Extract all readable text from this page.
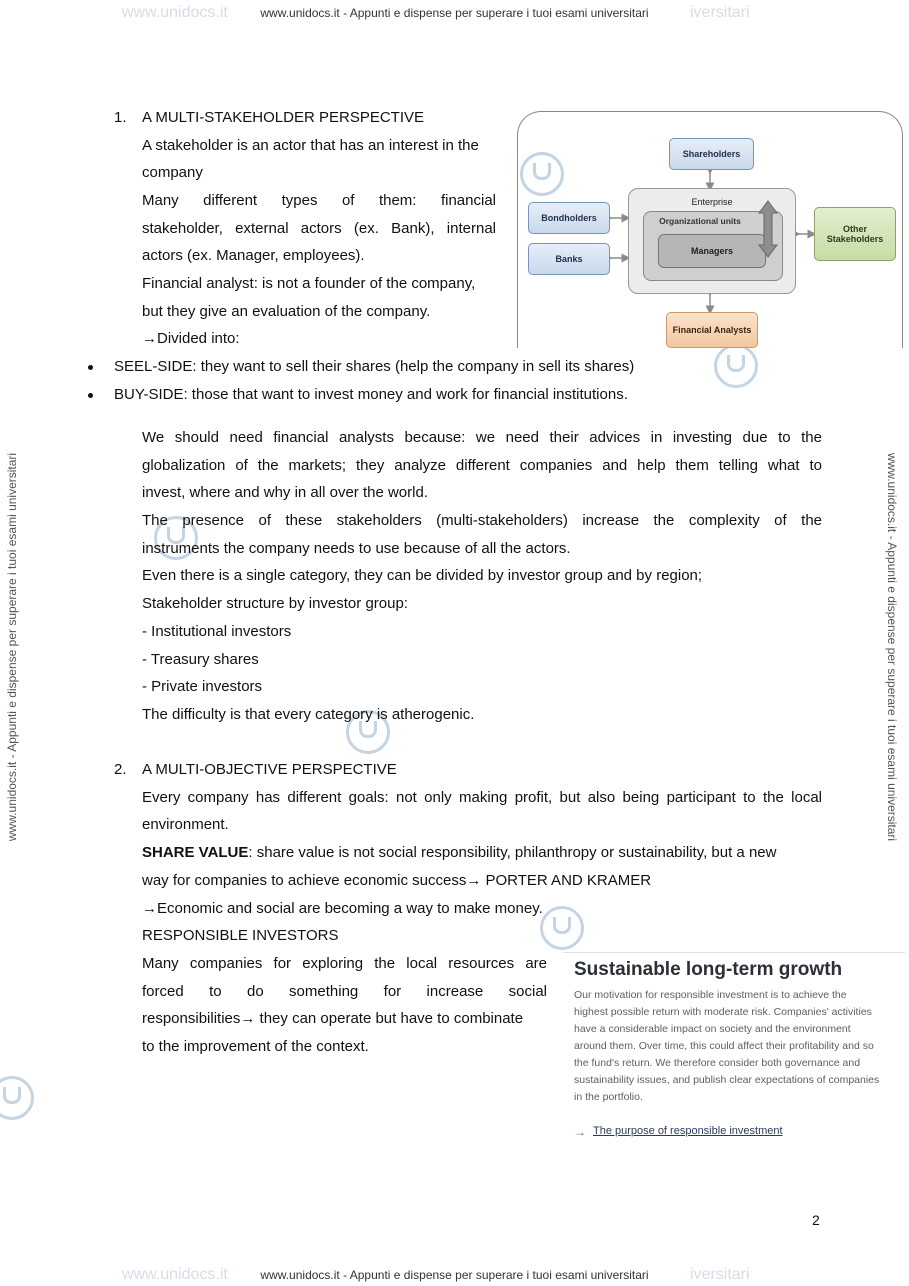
www.unidocs.it	iversitari
www.unidocs.it - Appunti e dispense per superare i tuoi esami universitari
www.unidocs.it - Appunti e dispense per superare i tuoi esami universitari	www.unidocs.it - Appunti e dispense per superare i tuoi esami universitari
1. A MULTI-STAKEHOLDER PERSPECTIVE
A stakeholder is an actor that has an interest in the
company
Many different types of them: financial
stakeholder, external actors (ex. Bank), internal
actors (ex. Manager, employees).
Financial analyst: is not a founder of the company,
but they give an evaluation of the company.
→Divided into:
Shareholders
Enterprise
Organizational units
Managers
Bondholders
Banks
Other Stakeholders
Financial Analysts
SEEL-SIDE: they want to sell their shares (help the company in sell its shares)
BUY-SIDE: those that want to invest money and work for financial institutions.
We should need financial analysts because: we need their advices in investing due to the
globalization of the markets; they analyze different companies and help them telling what to
invest, where and why in all over the world.
The presence of these stakeholders (multi-stakeholders) increase the complexity of the
instruments the company needs to use because of all the actors.
Even there is a single category, they can be divided by investor group and by region;
Stakeholder structure by investor group:
- Institutional investors
- Treasury shares
- Private investors
The difficulty is that every category is atherogenic.
2. A MULTI-OBJECTIVE PERSPECTIVE
Every company has different goals: not only making profit, but also being participant to the local
environment.
SHARE VALUE: share value is not social responsibility, philanthropy or sustainability, but a new
way for companies to achieve economic success→ PORTER AND KRAMER
→Economic and social are becoming a way to make money.
RESPONSIBLE INVESTORS
Many companies for exploring the local resources are
forced to do something for increase social
responsibilities→ they can operate but have to combinate
to the improvement of the context.
Sustainable long-term growth
Our motivation for responsible investment is to achieve the
highest possible return with moderate risk. Companies' activities
have a considerable impact on society and the environment
around them. Over time, this could affect their profitability and so
the fund's return. We therefore consider both governance and
sustainability issues, and publish clear expectations of companies
in the portfolio.
→ The purpose of responsible investment
2
www.unidocs.it	iversitari
www.unidocs.it - Appunti e dispense per superare i tuoi esami universitari
